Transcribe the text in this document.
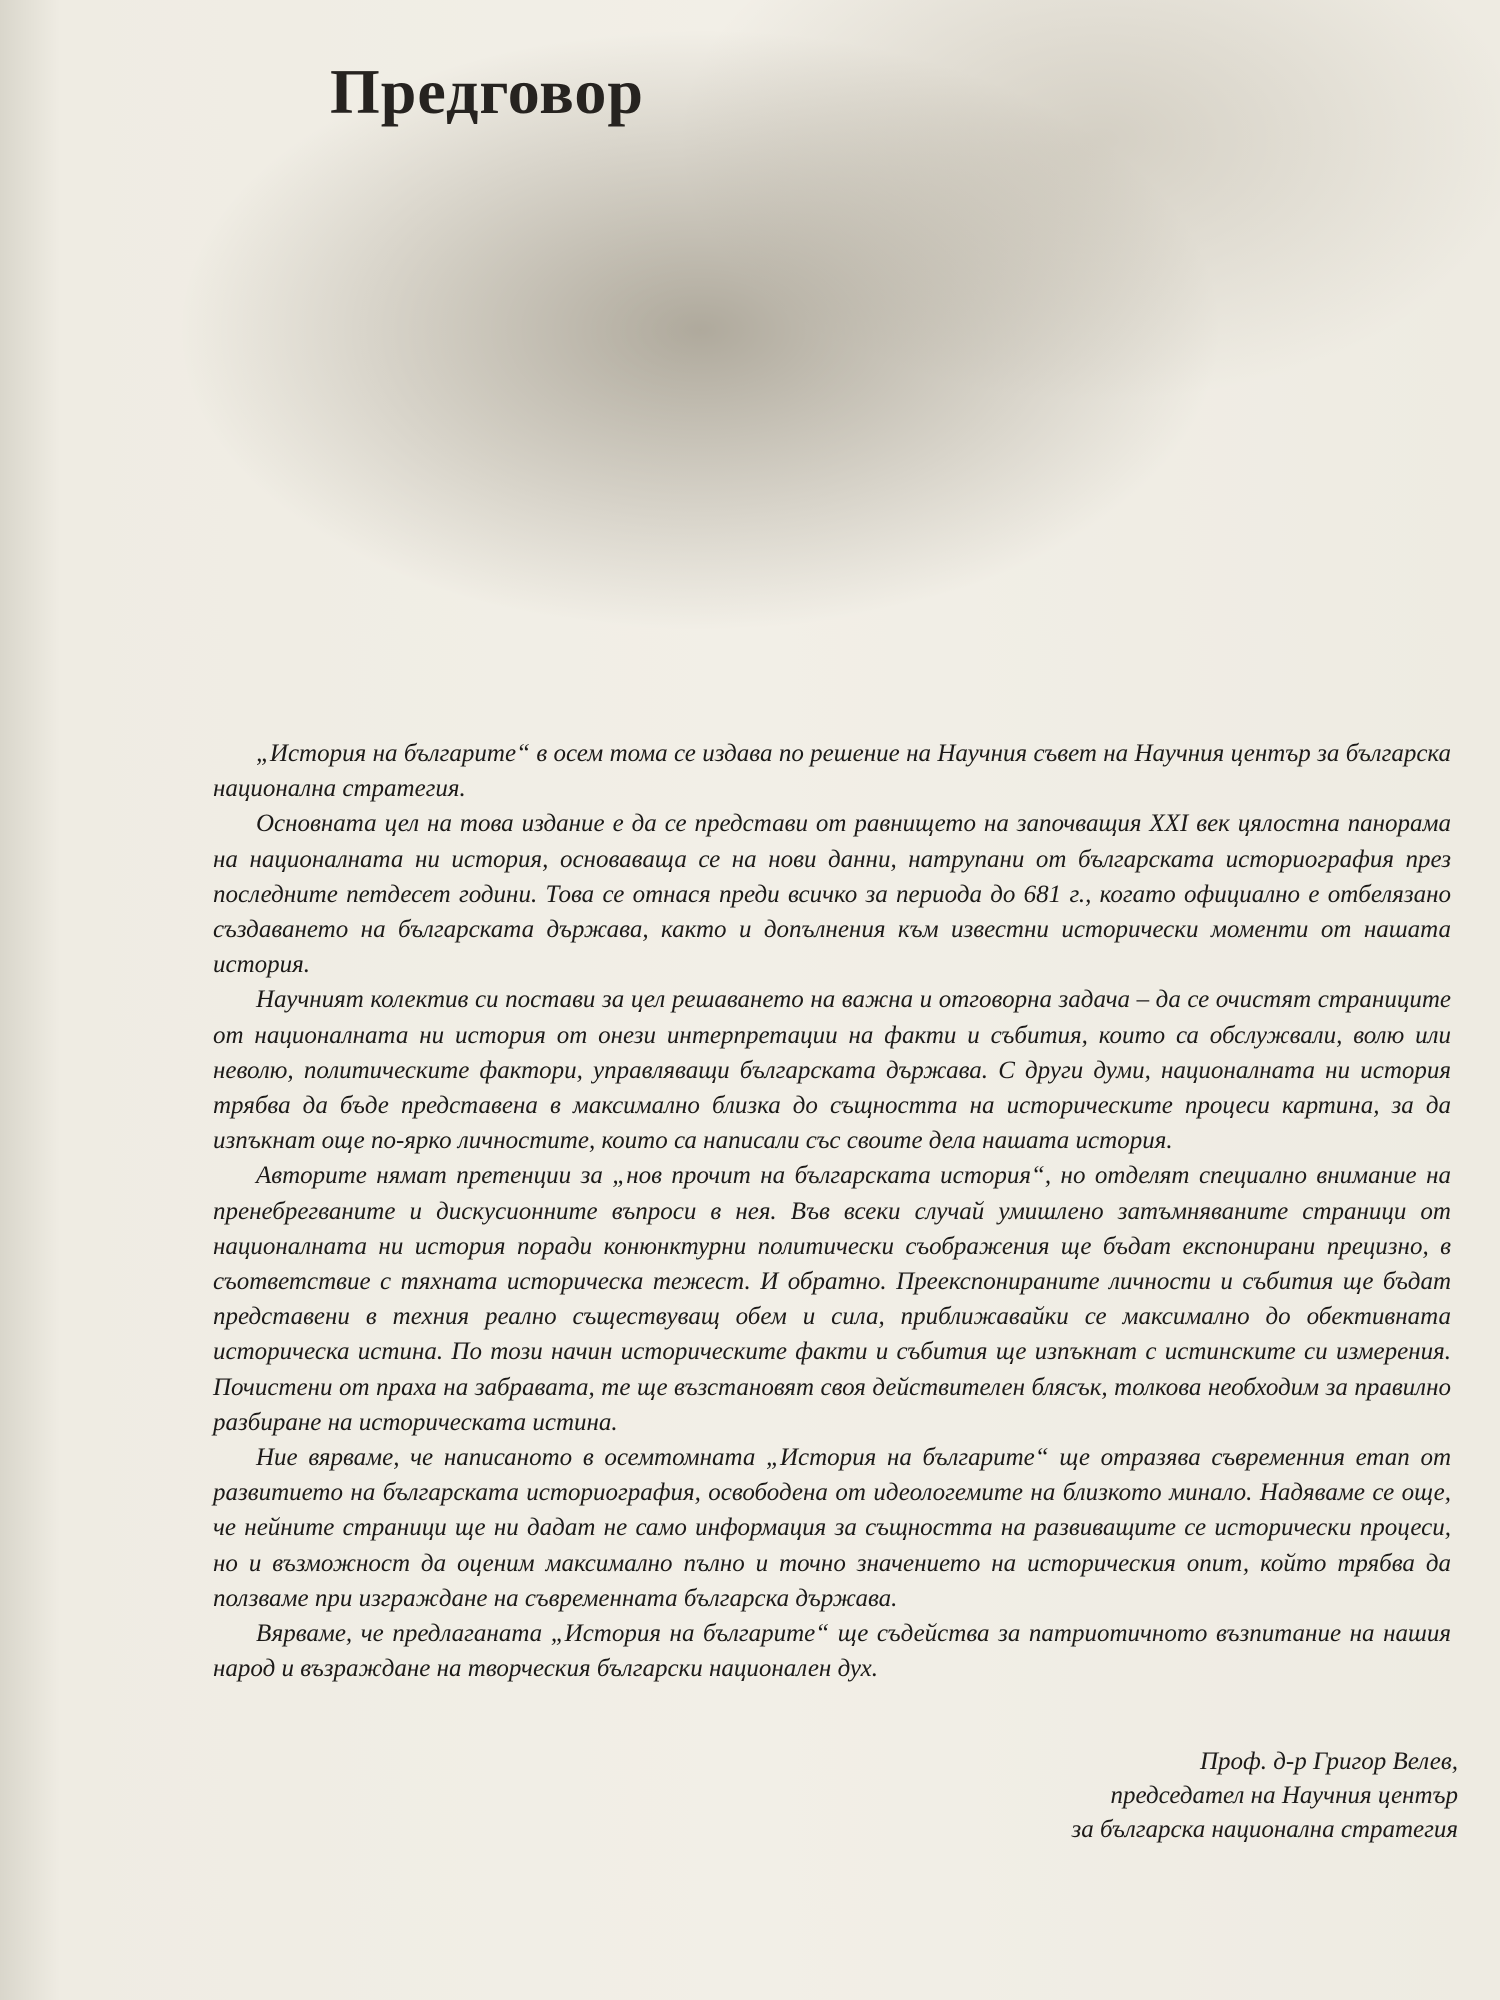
Предговор

„История на българите“ в осем тома се издава по решение на Научния съвет на Научния център за българска национална стратегия.

Основната цел на това издание е да се представи от равнището на започващия XXI век цялостна панорама на националната ни история, основаваща се на нови данни, натрупани от българската историография през последните петдесет години. Това се отнася преди всичко за периода до 681 г., когато официално е отбелязано създаването на българската държава, както и допълнения към известни исторически моменти от нашата история.

Научният колектив си постави за цел решаването на важна и отговорна задача – да се очистят страниците от националната ни история от онези интерпретации на факти и събития, които са обслужвали, волю или неволю, политическите фактори, управляващи българската държава. С други думи, националната ни история трябва да бъде представена в максимално близка до същността на историческите процеси картина, за да изпъкнат още по-ярко личностите, които са написали със своите дела нашата история.

Авторите нямат претенции за „нов прочит на българската история“, но отделят специално внимание на пренебрегваните и дискусионните въпроси в нея. Във всеки случай умишлено затъмняваните страници от националната ни история поради конюнктурни политически съображения ще бъдат експонирани прецизно, в съответствие с тяхната историческа тежест. И обратно. Преекспонираните личности и събития ще бъдат представени в техния реално съществуващ обем и сила, приближавайки се максимално до обективната историческа истина. По този начин историческите факти и събития ще изпъкнат с истинските си измерения. Почистени от праха на забравата, те ще възстановят своя действителен блясък, толкова необходим за правилно разбиране на историческата истина.

Ние вярваме, че написаното в осемтомната „История на българите“ ще отразява съвременния етап от развитието на българската историография, освободена от идеологемите на близкото минало. Надяваме се още, че нейните страници ще ни дадат не само информация за същността на развиващите се исторически процеси, но и възможност да оценим максимално пълно и точно значението на историческия опит, който трябва да ползваме при изграждане на съвременната българска държава.

Вярваме, че предлаганата „История на българите“ ще съдейства за патриотичното възпитание на нашия народ и възраждане на творческия български национален дух.

Проф. д-р Григор Велев,
председател на Научния център
за българска национална стратегия
